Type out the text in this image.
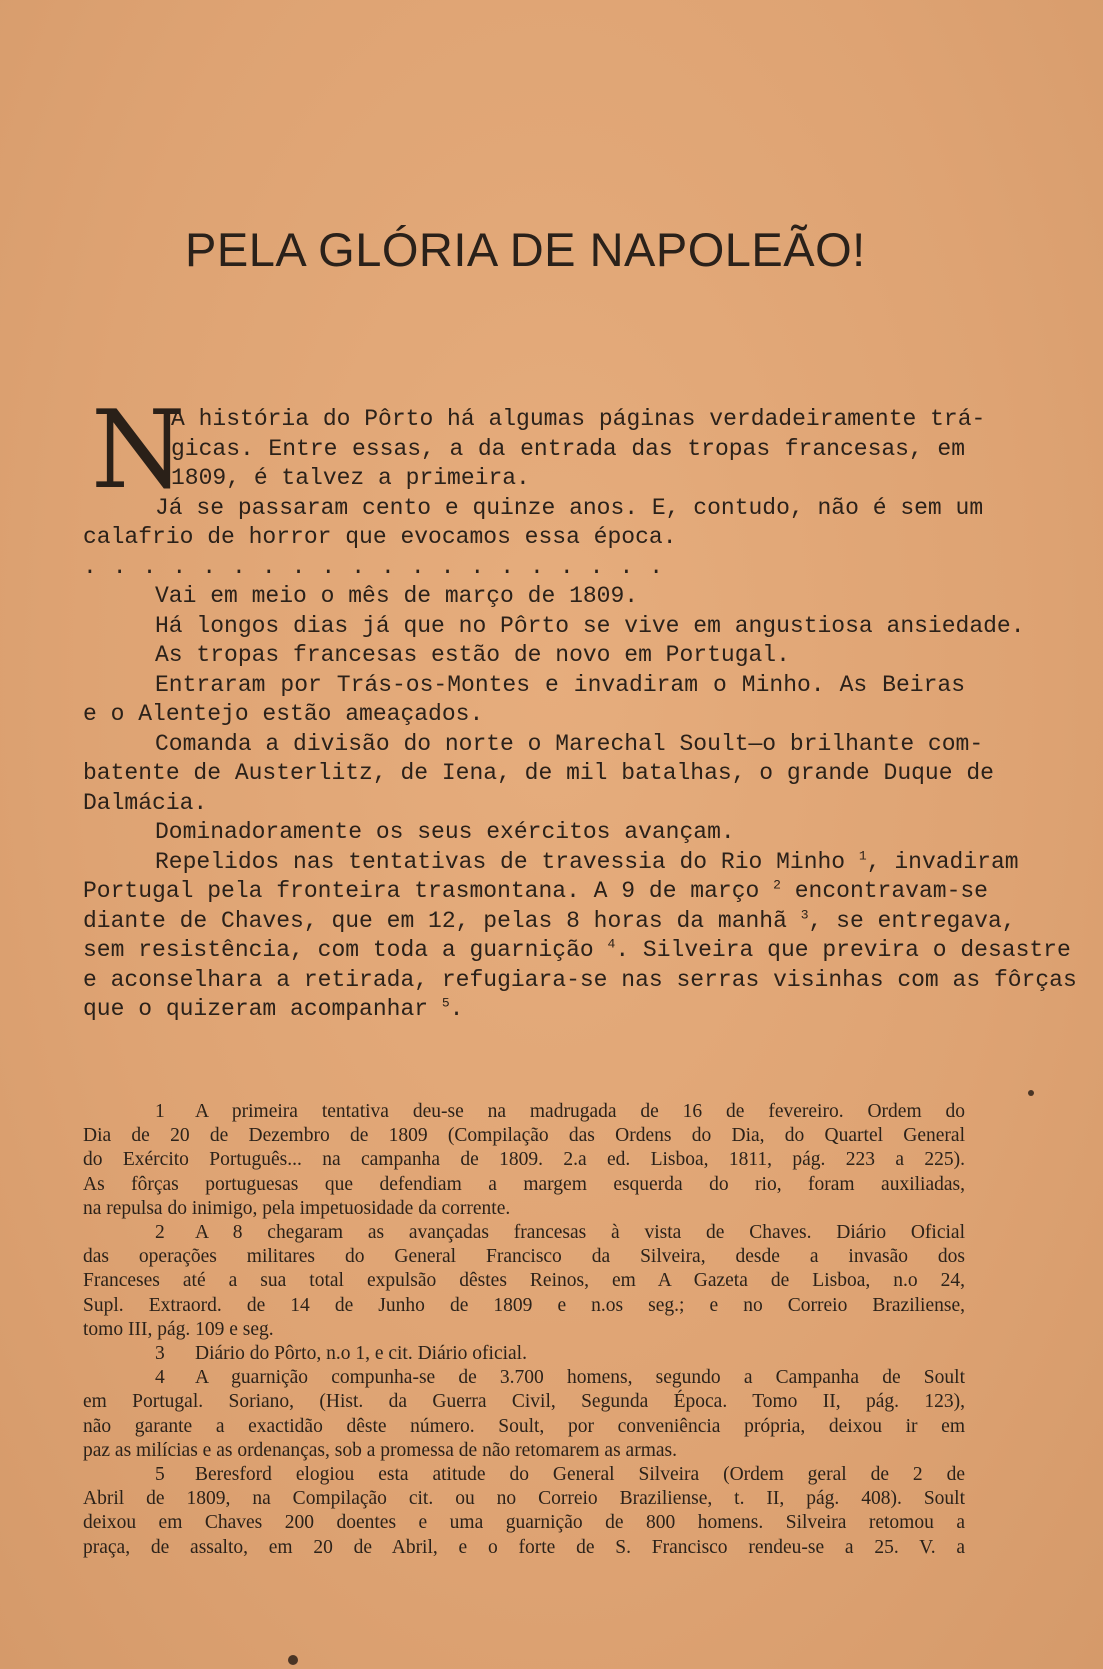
PELA GLÓRIA DE NAPOLEÃO!
N
A história do Pôrto há algumas páginas verdadeiramente trá-
gicas. Entre essas, a da entrada das tropas francesas, em
1809, é talvez a primeira.
Já se passaram cento e quinze anos. E, contudo, não é sem um
calafrio de horror que evocamos essa época.
....................
Vai em meio o mês de março de 1809.
Há longos dias já que no Pôrto se vive em angustiosa ansiedade.
As tropas francesas estão de novo em Portugal.
Entraram por Trás-os-Montes e invadiram o Minho. As Beiras
e o Alentejo estão ameaçados.
Comanda a divisão do norte o Marechal Soult—o brilhante com-
batente de Austerlitz, de Iena, de mil batalhas, o grande Duque de
Dalmácia.
Dominadoramente os seus exércitos avançam.
Repelidos nas tentativas de travessia do Rio Minho $^1$, invadiram
Portugal pela fronteira trasmontana. A 9 de março $^2$ encontravam-se
diante de Chaves, que em 12, pelas 8 horas da manhã $^3$, se entregava,
sem resistência, com toda a guarnição $^4$. Silveira que previra o desastre
e aconselhara a retirada, refugiara-se nas serras visinhas com as fôrças
que o quizeram acompanhar $^5$.
1 A primeira tentativa deu-se na madrugada de 16 de fevereiro. Ordem do
Dia de 20 de Dezembro de 1809 (Compilação das Ordens do Dia, do Quartel General
do Exército Português... na campanha de 1809. 2.a ed. Lisboa, 1811, pág. 223 a 225).
As fôrças portuguesas que defendiam a margem esquerda do rio, foram auxiliadas,
na repulsa do inimigo, pela impetuosidade da corrente.
2 A 8 chegaram as avançadas francesas à vista de Chaves. Diário Oficial
das operações militares do General Francisco da Silveira, desde a invasão dos
Franceses até a sua total expulsão dêstes Reinos, em A Gazeta de Lisboa, n.o 24,
Supl. Extraord. de 14 de Junho de 1809 e n.os seg.; e no Correio Braziliense,
tomo III, pág. 109 e seg.
3 Diário do Pôrto, n.o 1, e cit. Diário oficial.
4 A guarnição compunha-se de 3.700 homens, segundo a Campanha de Soult
em Portugal. Soriano, (Hist. da Guerra Civil, Segunda Época. Tomo II, pág. 123),
não garante a exactidão dêste número. Soult, por conveniência própria, deixou ir em
paz as milícias e as ordenanças, sob a promessa de não retomarem as armas.
5 Beresford elogiou esta atitude do General Silveira (Ordem geral de 2 de
Abril de 1809, na Compilação cit. ou no Correio Braziliense, t. II, pág. 408). Soult
deixou em Chaves 200 doentes e uma guarnição de 800 homens. Silveira retomou a
praça, de assalto, em 20 de Abril, e o forte de S. Francisco rendeu-se a 25. V. a
